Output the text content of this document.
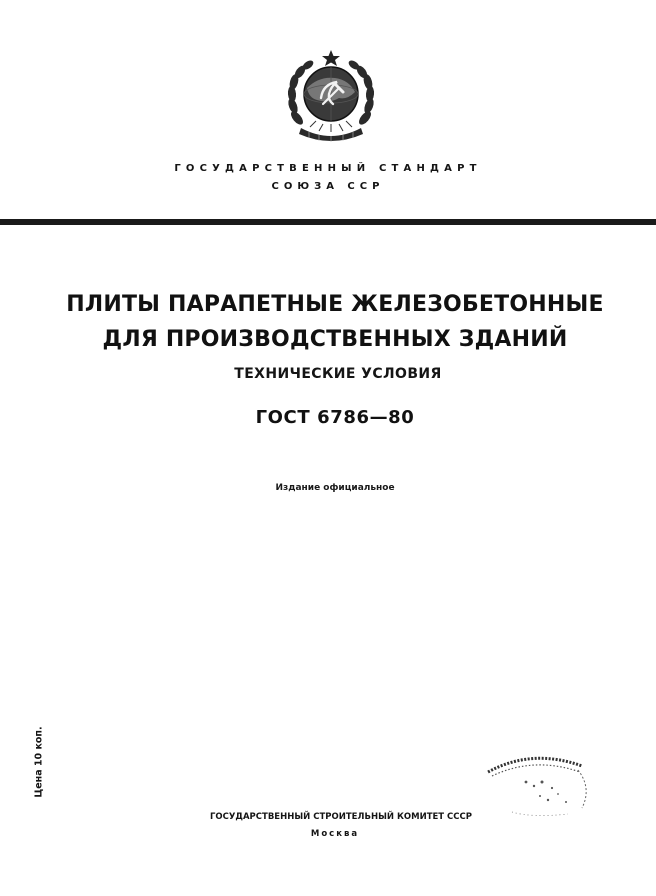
ГОСУДАРСТВЕННЫЙ СТАНДАРТ
СОЮЗА ССР
ПЛИТЫ ПАРАПЕТНЫЕ ЖЕЛЕЗОБЕТОННЫЕ
ДЛЯ ПРОИЗВОДСТВЕННЫХ ЗДАНИЙ
ТЕХНИЧЕСКИЕ УСЛОВИЯ
ГОСТ 6786—80
Издание официальное
Цена 10 коп.
ГОСУДАРСТВЕННЫЙ СТРОИТЕЛЬНЫЙ КОМИТЕТ СССР
Москва
